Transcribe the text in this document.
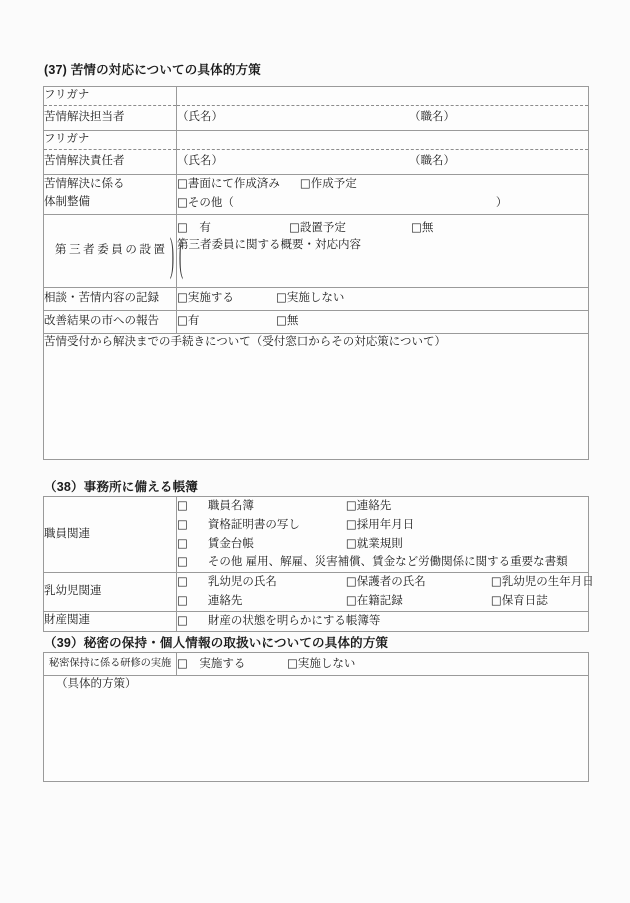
(37) 苦情の対応についての具体的方策
フリガナ	
苦情解決担当者	（氏名） （職名）

フリガナ	
苦情解決責任者	（氏名） （職名）

苦情解決に係る
体制整備	□書面にて作成済み □作成予定
□その他（ ）

第三者委員の設置	□　有 □設置予定 □無
第三者委員に関する概要・対応内容
(
)

相談・苦情内容の記録	□実施する □実施しない

改善結果の市への報告	□有 □無

苦情受付から解決までの手続きについて（受付窓口からその対応策について）	
（38）事務所に備える帳簿
職員関連	□ 職員名簿 □連絡先
□ 資格証明書の写し □採用年月日
□ 賃金台帳 □就業規則
□ その他 雇用、解雇、災害補償、賃金など労働関係に関する重要な書類

乳幼児関連	□ 乳幼児の氏名 □保護者の氏名 □乳幼児の生年月日
□ 連絡先 □在籍記録 □保育日誌

財産関連	□ 財産の状態を明らかにする帳簿等
（39）秘密の保持・個人情報の取扱いについての具体的方策
秘密保持に係る研修の実施	□　実施する	□実施しない

（具体的方策）
